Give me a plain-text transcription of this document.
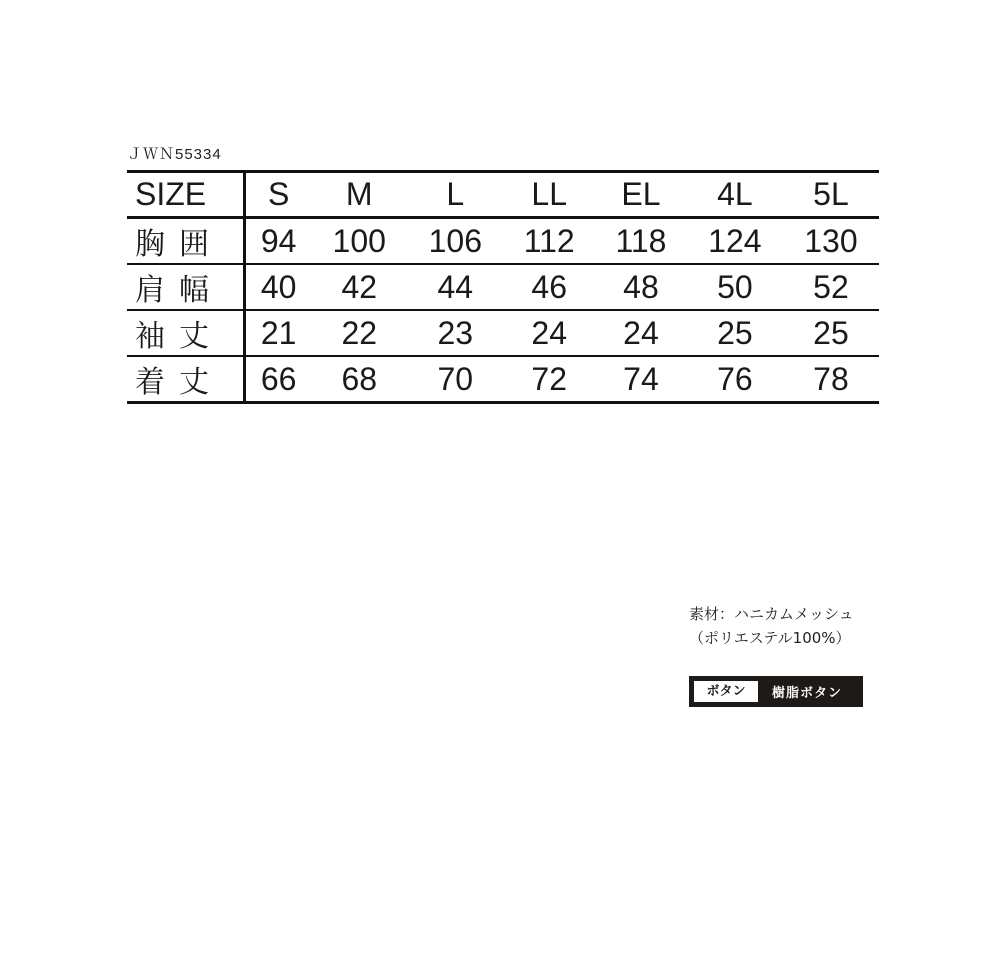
ＪＷＮ55334
SIZE	S	M	L	LL	EL	4L	5L
胸囲	94	100	106	112	118	124	130
肩幅	40	42	44	46	48	50	52
袖丈	21	22	23	24	24	25	25
着丈	66	68	70	72	74	76	78
素材：ハニカムメッシュ
（ポリエステル100%）
ボタン	樹脂ボタン
